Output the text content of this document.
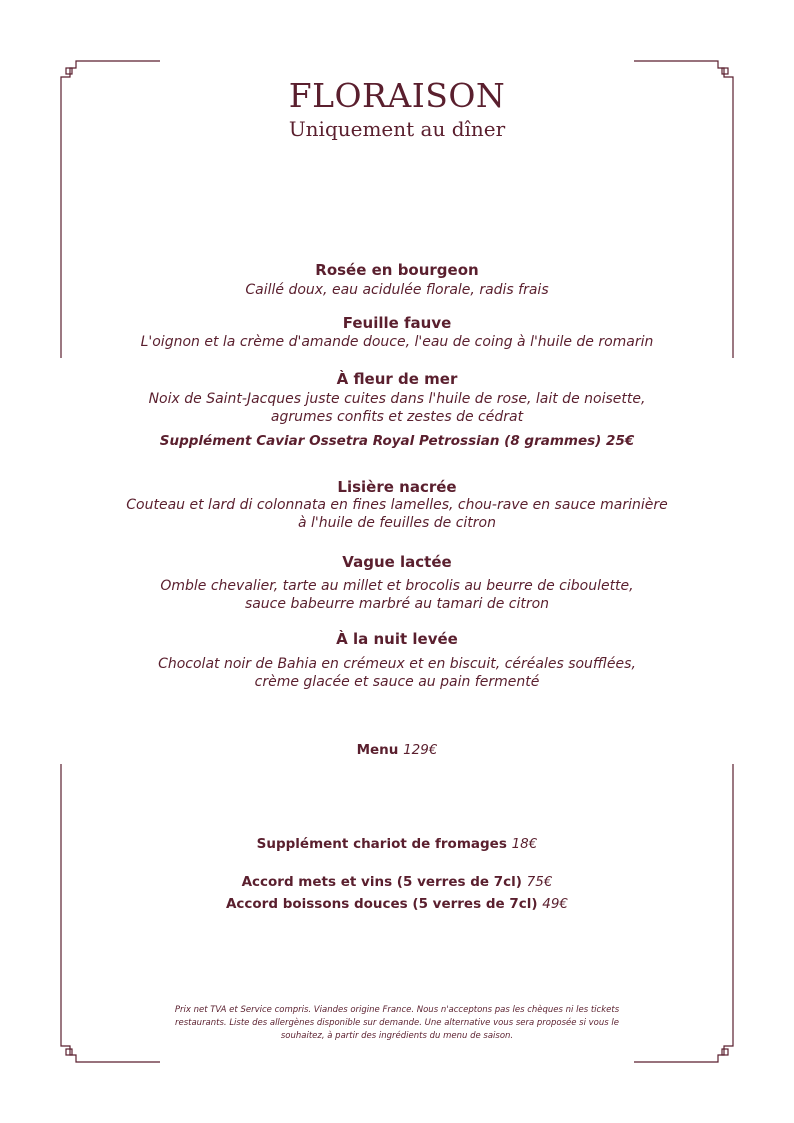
FLORAISON
Uniquement au dîner
Rosée en bourgeon
Caillé doux, eau acidulée florale, radis frais
Feuille fauve
L'oignon et la crème d'amande douce, l'eau de coing à l'huile de romarin
À fleur de mer
Noix de Saint-Jacques juste cuites dans l'huile de rose, lait de noisette,
agrumes confits et zestes de cédrat
Supplément Caviar Ossetra Royal Petrossian (8 grammes) 25€
Lisière nacrée
Couteau et lard di colonnata en fines lamelles, chou-rave en sauce marinière
à l'huile de feuilles de citron
Vague lactée
Omble chevalier, tarte au millet et brocolis au beurre de ciboulette,
sauce babeurre marbré au tamari de citron
À la nuit levée
Chocolat noir de Bahia en crémeux et en biscuit, céréales soufflées,
crème glacée et sauce au pain fermenté
Menu 129€
Supplément chariot de fromages 18€
Accord mets et vins (5 verres de 7cl) 75€
Accord boissons douces (5 verres de 7cl) 49€
Prix net TVA et Service compris. Viandes origine France. Nous n'acceptons pas les chèques ni les tickets
restaurants. Liste des allergènes disponible sur demande. Une alternative vous sera proposée si vous le
souhaitez, à partir des ingrédients du menu de saison.
